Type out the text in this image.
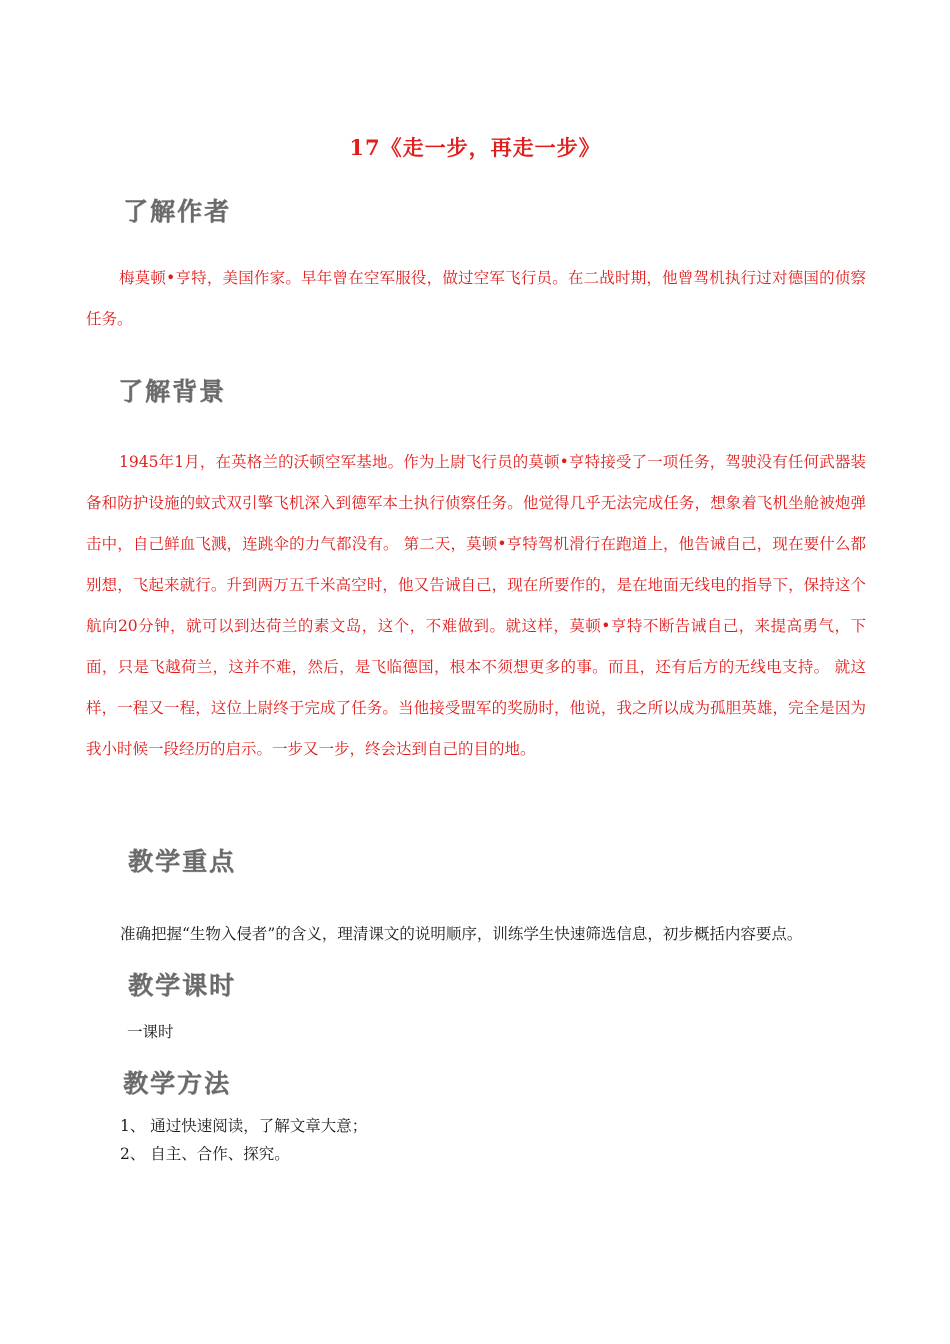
17《走一步，再走一步》
了解作者
梅莫顿•亨特，美国作家。早年曾在空军服役，做过空军飞行员。在二战时期，他曾驾机执行过对德国的侦察任务。
了解背景
1945年1月，在英格兰的沃顿空军基地。作为上尉飞行员的莫顿•亨特接受了一项任务，驾驶没有任何武器装备和防护设施的蚊式双引擎飞机深入到德军本土执行侦察任务。他觉得几乎无法完成任务，想象着飞机坐舱被炮弹击中，自己鲜血飞溅，连跳伞的力气都没有。 第二天，莫顿•亨特驾机滑行在跑道上，他告诫自己，现在要什么都别想，飞起来就行。升到两万五千米高空时，他又告诫自己，现在所要作的，是在地面无线电的指导下，保持这个航向20分钟，就可以到达荷兰的素文岛，这个，不难做到。就这样，莫顿•亨特不断告诫自己，来提高勇气，下面，只是飞越荷兰，这并不难，然后，是飞临德国，根本不须想更多的事。而且，还有后方的无线电支持。 就这样，一程又一程，这位上尉终于完成了任务。当他接受盟军的奖励时，他说，我之所以成为孤胆英雄，完全是因为我小时候一段经历的启示。一步又一步，终会达到自己的目的地。
教学重点
准确把握“生物入侵者”的含义，理清课文的说明顺序，训练学生快速筛选信息，初步概括内容要点。
教学课时
一课时
教学方法
1、 通过快速阅读，了解文章大意；
2、 自主、合作、探究。
